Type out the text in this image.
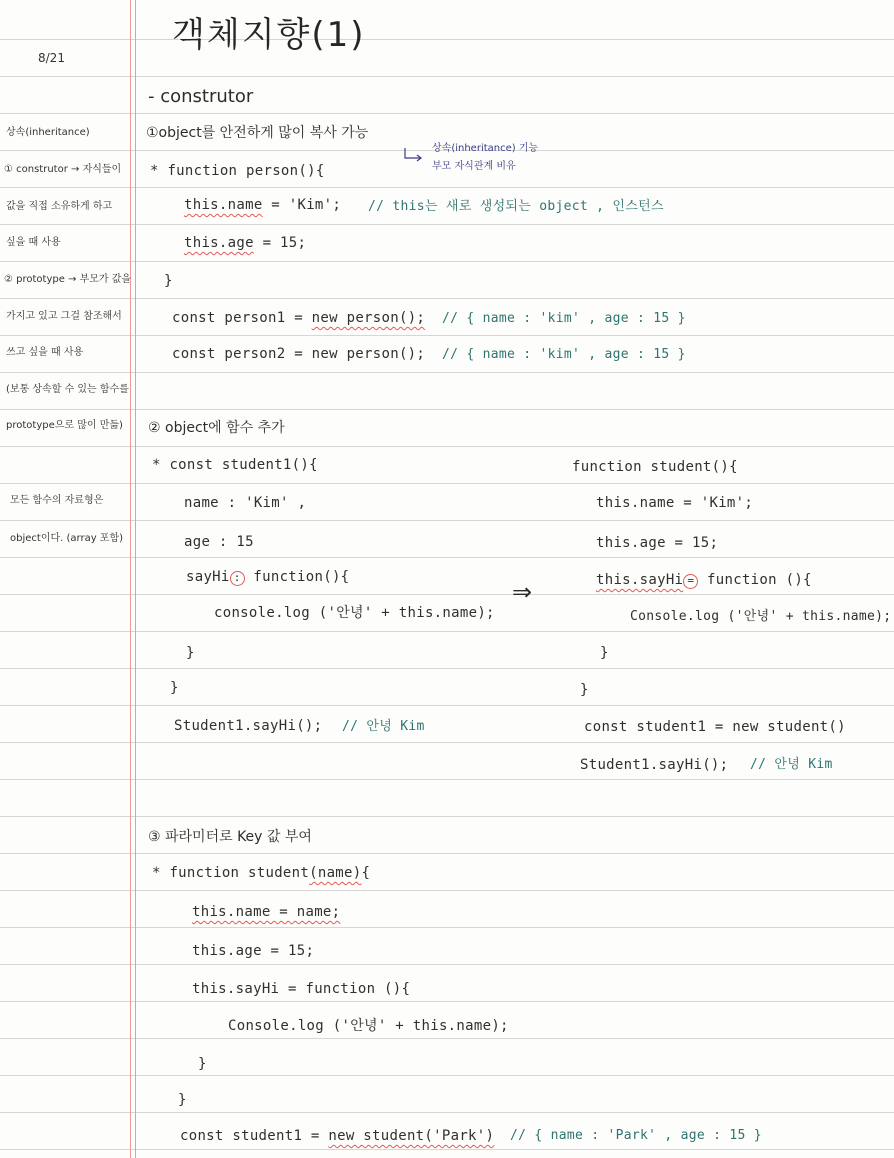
8/21
객체지향(1)
- construtor
상속(inheritance)
① construtor → 자식들이
값을 직접 소유하게 하고
싶을 때 사용
② prototype → 부모가 값을
가지고 있고 그걸 참조해서
쓰고 싶을 때 사용
(보통 상속할 수 있는 함수를
prototype으로 많이 만듦)
모든 함수의 자료형은
object이다. (array 포함)
상속(inheritance) 기능
부모 자식관계 비유
①object를 안전하게 많이 복사 가능
* function person(){
this.name = 'Kim'; // this는 새로 생성되는 object , 인스턴스
this.age = 15;
}
const person1 = new person(); // { name : 'kim' , age : 15 }
const person2 = new person(); // { name : 'kim' , age : 15 }
② object에 함수 추가
* const student1(){
name : 'Kim' ,
age : 15
sayHi : function(){
console.log ('안녕' + this.name);
}
}
Student1.sayHi(); // 안녕 Kim
⇒
function student(){
this.name = 'Kim';
this.age = 15;
this.sayHi = function (){
Console.log ('안녕' + this.name);
}
}
const student1 = new student()
Student1.sayHi(); // 안녕 Kim
③ 파라미터로 Key 값 부여
* function student(name){
this.name = name;
this.age = 15;
this.sayHi = function (){
Console.log ('안녕' + this.name);
}
}
const student1 = new student('Park') // { name : 'Park' , age : 15 }
